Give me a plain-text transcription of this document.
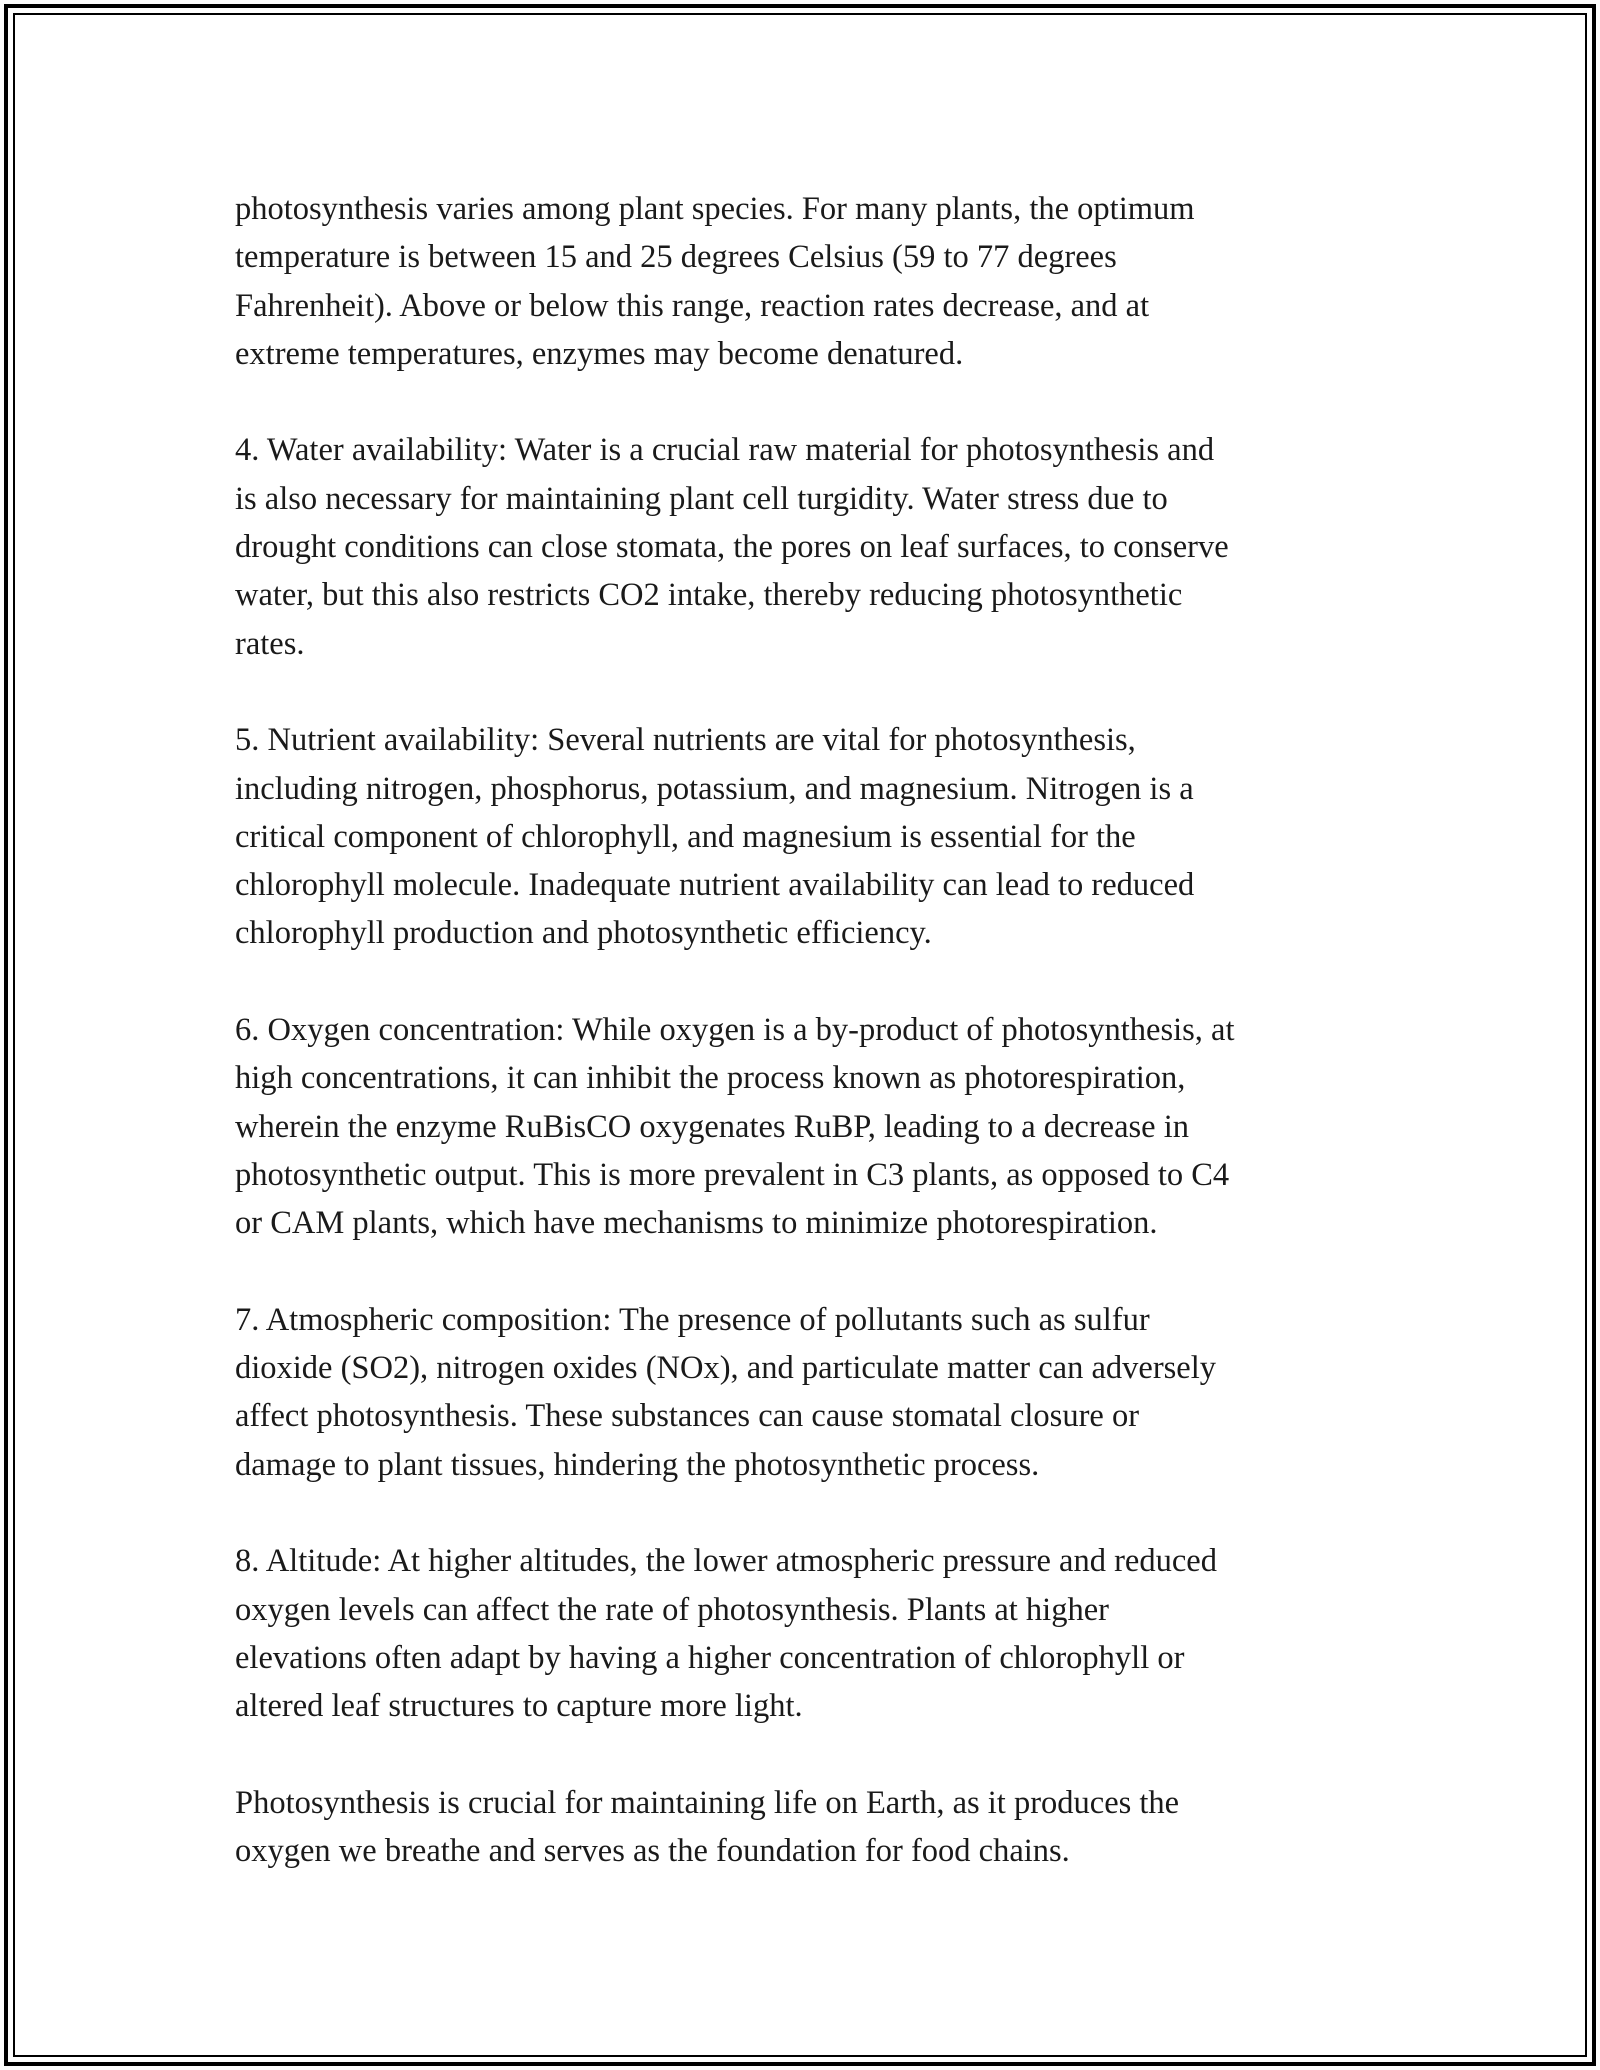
photosynthesis varies among plant species. For many plants, the optimum
temperature is between 15 and 25 degrees Celsius (59 to 77 degrees
Fahrenheit). Above or below this range, reaction rates decrease, and at
extreme temperatures, enzymes may become denatured.

4. Water availability: Water is a crucial raw material for photosynthesis and
is also necessary for maintaining plant cell turgidity. Water stress due to
drought conditions can close stomata, the pores on leaf surfaces, to conserve
water, but this also restricts CO2 intake, thereby reducing photosynthetic
rates.

5. Nutrient availability: Several nutrients are vital for photosynthesis,
including nitrogen, phosphorus, potassium, and magnesium. Nitrogen is a
critical component of chlorophyll, and magnesium is essential for the
chlorophyll molecule. Inadequate nutrient availability can lead to reduced
chlorophyll production and photosynthetic efficiency.

6. Oxygen concentration: While oxygen is a by-product of photosynthesis, at
high concentrations, it can inhibit the process known as photorespiration,
wherein the enzyme RuBisCO oxygenates RuBP, leading to a decrease in
photosynthetic output. This is more prevalent in C3 plants, as opposed to C4
or CAM plants, which have mechanisms to minimize photorespiration.

7. Atmospheric composition: The presence of pollutants such as sulfur
dioxide (SO2), nitrogen oxides (NOx), and particulate matter can adversely
affect photosynthesis. These substances can cause stomatal closure or
damage to plant tissues, hindering the photosynthetic process.

8. Altitude: At higher altitudes, the lower atmospheric pressure and reduced
oxygen levels can affect the rate of photosynthesis. Plants at higher
elevations often adapt by having a higher concentration of chlorophyll or
altered leaf structures to capture more light.

Photosynthesis is crucial for maintaining life on Earth, as it produces the
oxygen we breathe and serves as the foundation for food chains.
